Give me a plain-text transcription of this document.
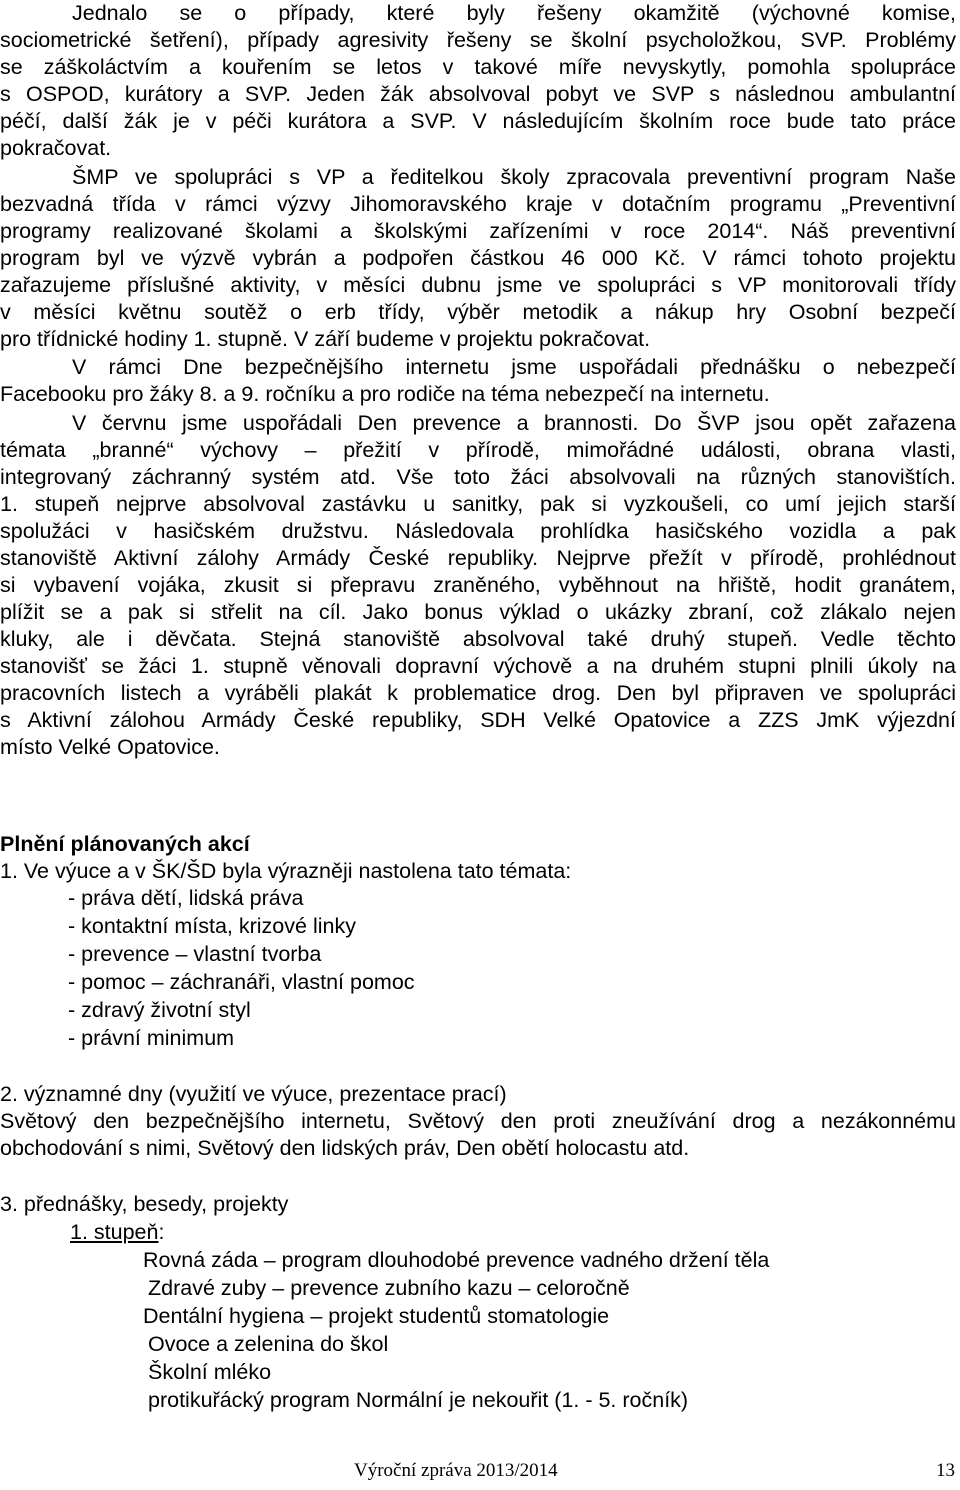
Jednalo se o případy, které byly řešeny okamžitě (výchovné komise,
sociometrické šetření), případy agresivity řešeny se školní psycholožkou, SVP. Problémy
se záškoláctvím a kouřením se letos v takové míře nevyskytly, pomohla spolupráce
s OSPOD, kurátory a SVP. Jeden žák absolvoval pobyt ve SVP s následnou ambulantní
péčí, další žák je v péči kurátora a SVP. V následujícím školním roce bude tato práce
pokračovat.
ŠMP ve spolupráci s VP a ředitelkou školy zpracovala preventivní program Naše
bezvadná třída v rámci výzvy Jihomoravského kraje v dotačním programu „Preventivní
programy realizované školami a školskými zařízeními v roce 2014“. Náš preventivní
program byl ve výzvě vybrán a podpořen částkou 46 000 Kč. V rámci tohoto projektu
zařazujeme příslušné aktivity, v měsíci dubnu jsme ve spolupráci s VP monitorovali třídy
v měsíci květnu soutěž o erb třídy, výběr metodik a nákup hry Osobní bezpečí
pro třídnické hodiny 1. stupně. V září budeme v projektu pokračovat.
V rámci Dne bezpečnějšího internetu jsme uspořádali přednášku o nebezpečí
Facebooku pro žáky 8. a 9. ročníku a pro rodiče na téma nebezpečí na internetu.
V červnu jsme uspořádali Den prevence a brannosti. Do ŠVP jsou opět zařazena
témata „branné“ výchovy – přežití v přírodě, mimořádné události, obrana vlasti,
integrovaný záchranný systém atd. Vše toto žáci absolvovali na různých stanovištích.
1. stupeň nejprve absolvoval zastávku u sanitky, pak si vyzkoušeli, co umí jejich starší
spolužáci v hasičském družstvu. Následovala prohlídka hasičského vozidla a pak
stanoviště Aktivní zálohy Armády České republiky. Nejprve přežít v přírodě, prohlédnout
si vybavení vojáka, zkusit si přepravu zraněného, vyběhnout na hřiště, hodit granátem,
plížit se a pak si střelit na cíl. Jako bonus výklad o ukázky zbraní, což zlákalo nejen
kluky, ale i děvčata. Stejná stanoviště absolvoval také druhý stupeň. Vedle těchto
stanovišť se žáci 1. stupně věnovali dopravní výchově a na druhém stupni plnili úkoly na
pracovních listech a vyráběli plakát k problematice drog. Den byl připraven ve spolupráci
s Aktivní zálohou Armády České republiky, SDH Velké Opatovice a ZZS JmK výjezdní
místo Velké Opatovice.
Plnění plánovaných akcí
1. Ve výuce a v ŠK/ŠD byla výrazněji nastolena tato témata:
- práva dětí, lidská práva
- kontaktní místa, krizové linky
- prevence – vlastní tvorba
- pomoc – záchranáři, vlastní pomoc
- zdravý životní styl
- právní minimum
2. významné dny (využití ve výuce, prezentace prací)
Světový den bezpečnějšího internetu, Světový den proti zneužívání drog a nezákonnému
obchodování s nimi, Světový den lidských práv, Den obětí holocastu atd.
3. přednášky, besedy, projekty
1. stupeň:
Rovná záda – program dlouhodobé prevence vadného držení těla
Zdravé zuby – prevence zubního kazu – celoročně
Dentální hygiena – projekt studentů stomatologie
Ovoce a zelenina do škol
Školní mléko
protikuřácký program Normální je nekouřit (1. - 5. ročník)
Výroční zpráva 2013/2014	13
